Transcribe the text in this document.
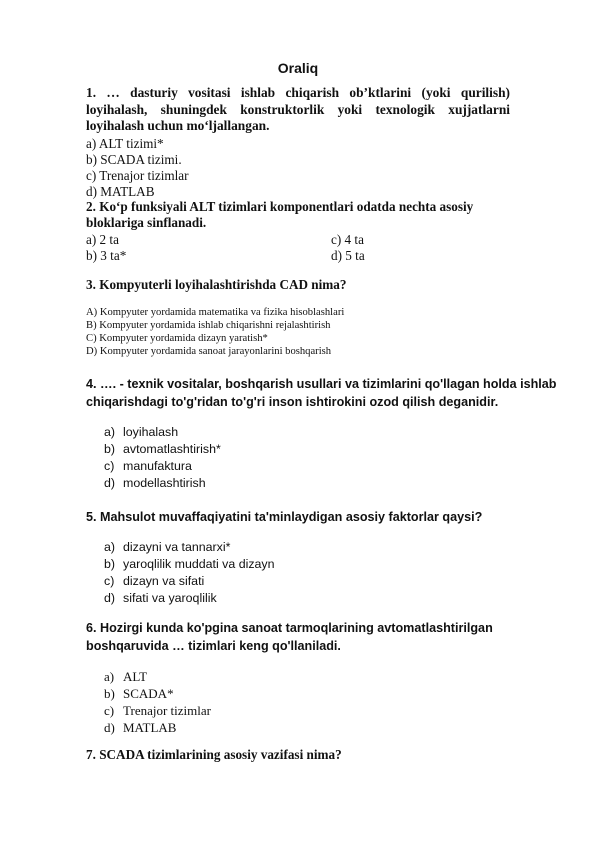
Oraliq
1. … dasturiy vositasi ishlab chiqarish ob’ktlarini (yoki qurilish) loyihalash, shuningdek konstruktorlik yoki texnologik xujjatlarni loyihalash uchun mo‘ljallangan.
a) ALT tizimi*
b) SCADA tizimi.
c) Trenajor tizimlar
d) MATLAB
2. Ko‘p funksiyali ALT tizimlari komponentlari odatda nechta asosiy
bloklariga sinflanadi.
a) 2 ta
b) 3 ta*
c) 4 ta
d) 5 ta
3. Kompyuterli loyihalashtirishda CAD nima?
A) Kompyuter yordamida matematika va fizika hisoblashlari
B) Kompyuter yordamida ishlab chiqarishni rejalashtirish
C) Kompyuter yordamida dizayn yaratish*
D) Kompyuter yordamida sanoat jarayonlarini boshqarish
4. …. - texnik vositalar, boshqarish usullari va tizimlarini qo'llagan holda ishlab
chiqarishdagi to'g'ridan to'g'ri inson ishtirokini ozod qilish deganidir.
a) loyihalash
b) avtomatlashtirish*
c) manufaktura
d) modellashtirish
5. Mahsulot muvaffaqiyatini ta'minlaydigan asosiy faktorlar qaysi?
a) dizayni va tannarxi*
b) yaroqlilik muddati va dizayn
c) dizayn va sifati
d) sifati va yaroqlilik
6. Hozirgi kunda ko'pgina sanoat tarmoqlarining avtomatlashtirilgan
boshqaruvida … tizimlari keng qo'llaniladi.
a) ALT
b) SCADA*
c) Trenajor tizimlar
d) MATLAB
7. SCADA tizimlarining asosiy vazifasi nima?
